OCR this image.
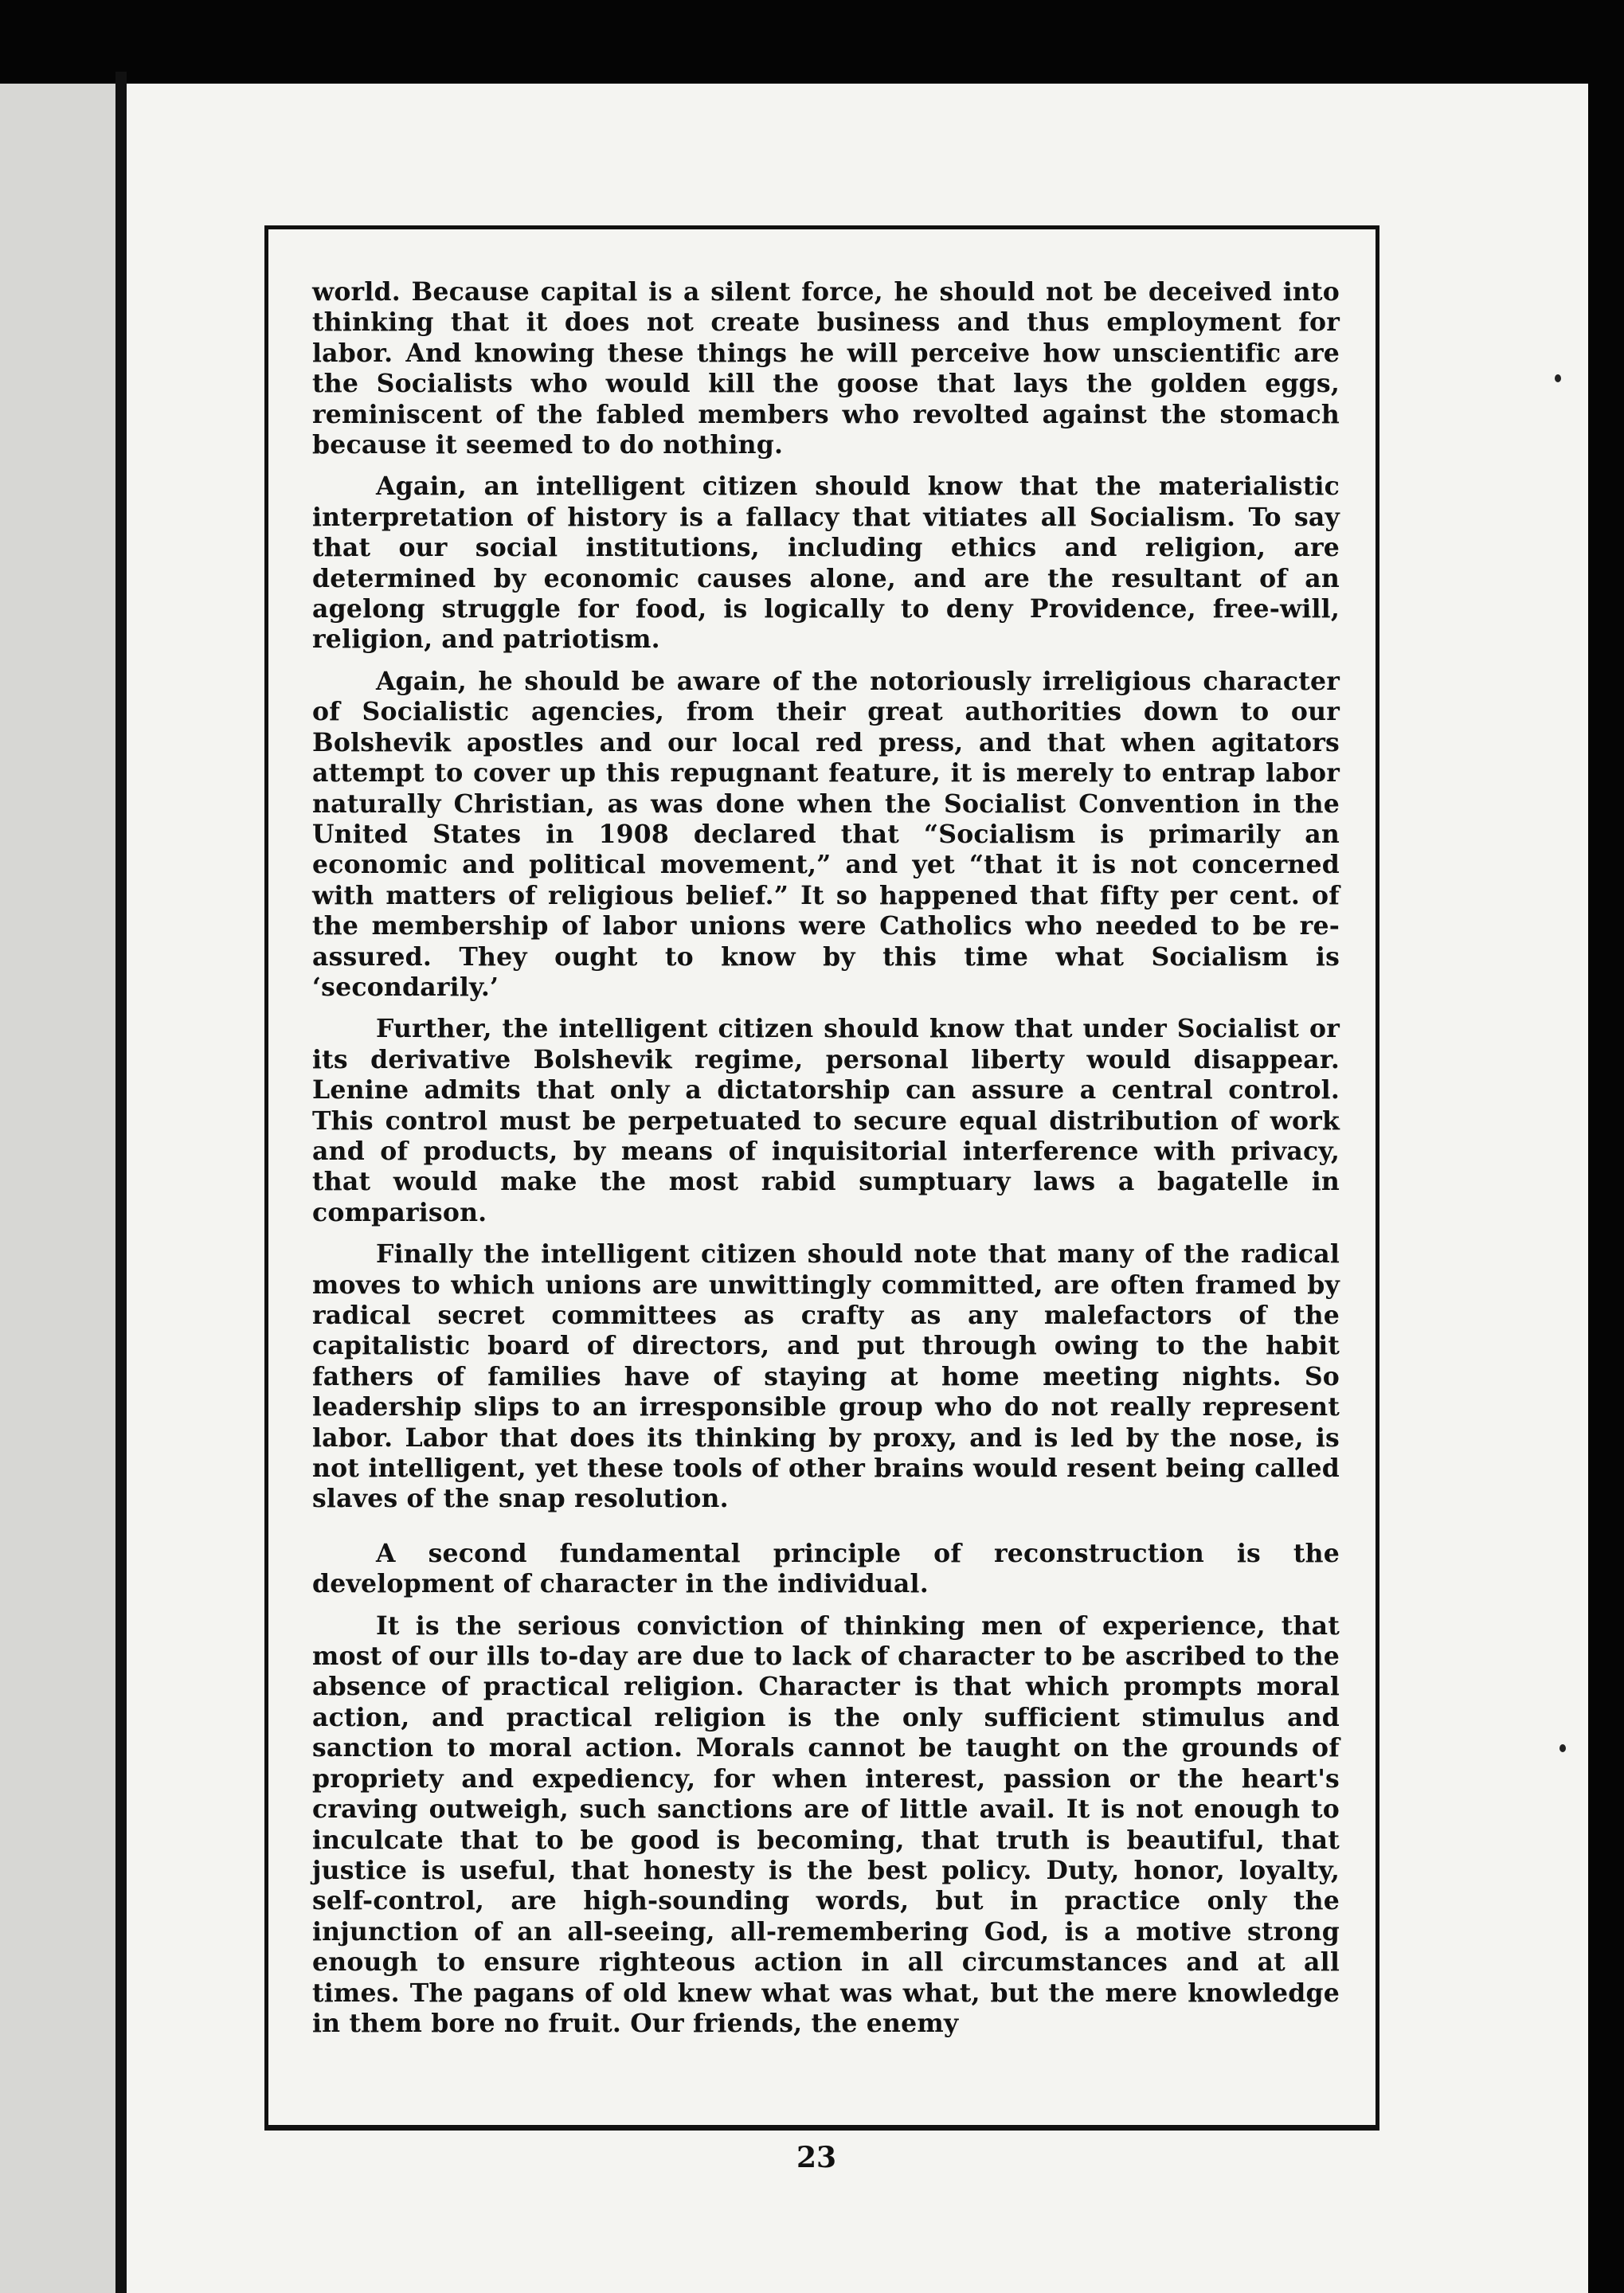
world. Because capital is a silent force, he should not be deceived into thinking that it does not create business and thus employment for labor. And knowing these things he will perceive how unscientific are the Socialists who would kill the goose that lays the golden eggs, reminiscent of the fabled members who revolted against the stomach because it seemed to do nothing.

Again, an intelligent citizen should know that the materialistic interpretation of history is a fallacy that vitiates all Socialism. To say that our social institutions, including ethics and religion, are determined by economic causes alone, and are the resultant of an agelong struggle for food, is logically to deny Providence, free-will, religion, and patriotism.

Again, he should be aware of the notoriously irreligious character of Socialistic agencies, from their great authorities down to our Bolshevik apostles and our local red press, and that when agitators attempt to cover up this repugnant feature, it is merely to entrap labor naturally Christian, as was done when the Socialist Convention in the United States in 1908 declared that “Socialism is primarily an economic and political movement,” and yet “that it is not concerned with matters of religious belief.” It so happened that fifty per cent. of the membership of labor unions were Catholics who needed to be re-assured. They ought to know by this time what Socialism is ‘secondarily.’

Further, the intelligent citizen should know that under Socialist or its derivative Bolshevik regime, personal liberty would disappear. Lenine admits that only a dictatorship can assure a central control. This control must be perpetuated to secure equal distribution of work and of products, by means of inquisitorial interference with privacy, that would make the most rabid sumptuary laws a bagatelle in comparison.

Finally the intelligent citizen should note that many of the radical moves to which unions are unwittingly committed, are often framed by radical secret committees as crafty as any malefactors of the capitalistic board of directors, and put through owing to the habit fathers of families have of staying at home meeting nights. So leadership slips to an irresponsible group who do not really represent labor. Labor that does its thinking by proxy, and is led by the nose, is not intelligent, yet these tools of other brains would resent being called slaves of the snap resolution.

A second fundamental principle of reconstruction is the development of character in the individual.

It is the serious conviction of thinking men of experience, that most of our ills to-day are due to lack of character to be ascribed to the absence of practical religion. Character is that which prompts moral action, and practical religion is the only sufficient stimulus and sanction to moral action. Morals cannot be taught on the grounds of propriety and expediency, for when interest, passion or the heart's craving outweigh, such sanctions are of little avail. It is not enough to inculcate that to be good is becoming, that truth is beautiful, that justice is useful, that honesty is the best policy. Duty, honor, loyalty, self-control, are high-sounding words, but in practice only the injunction of an all-seeing, all-remembering God, is a motive strong enough to ensure righteous action in all circumstances and at all times. The pagans of old knew what was what, but the mere knowledge in them bore no fruit. Our friends, the enemy

23
